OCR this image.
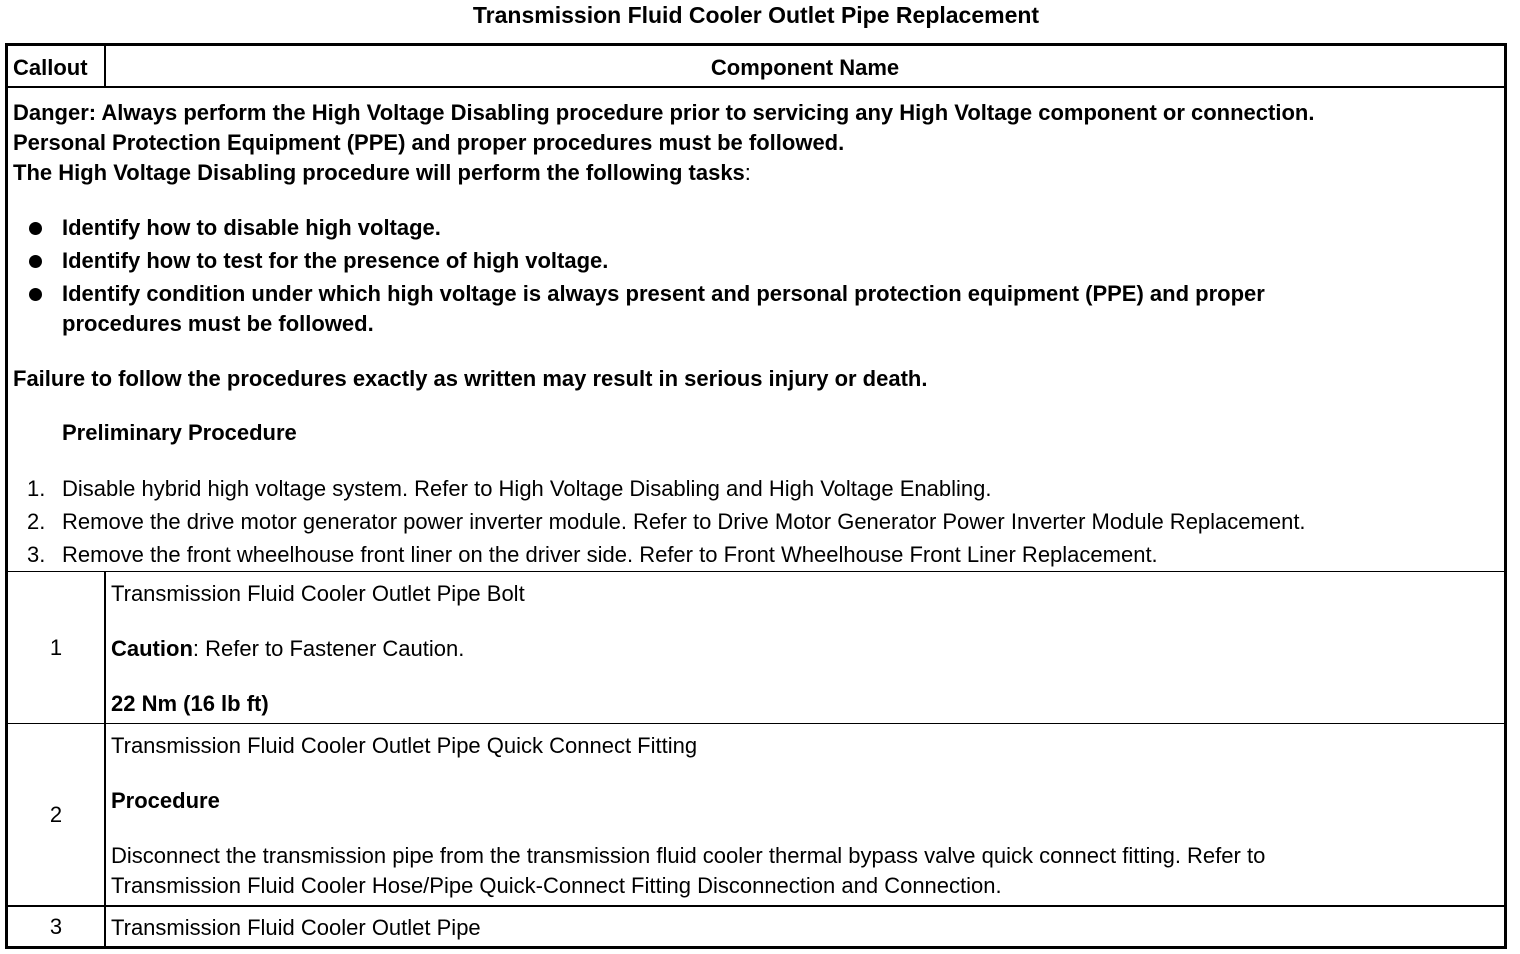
Transmission Fluid Cooler Outlet Pipe Replacement
Callout	Component Name
Danger: Always perform the High Voltage Disabling procedure prior to servicing any High Voltage component or connection.
Personal Protection Equipment (PPE) and proper procedures must be followed.
The High Voltage Disabling procedure will perform the following tasks:
Identify how to disable high voltage.
Identify how to test for the presence of high voltage.
Identify condition under which high voltage is always present and personal protection equipment (PPE) and proper
procedures must be followed.
Failure to follow the procedures exactly as written may result in serious injury or death.
Preliminary Procedure
1. Disable hybrid high voltage system. Refer to High Voltage Disabling and High Voltage Enabling.
2. Remove the drive motor generator power inverter module. Refer to Drive Motor Generator Power Inverter Module Replacement.
3. Remove the front wheelhouse front liner on the driver side. Refer to Front Wheelhouse Front Liner Replacement.
1
Transmission Fluid Cooler Outlet Pipe Bolt
Caution: Refer to Fastener Caution.
22 Nm (16 lb ft)
2
Transmission Fluid Cooler Outlet Pipe Quick Connect Fitting
Procedure
Disconnect the transmission pipe from the transmission fluid cooler thermal bypass valve quick connect fitting. Refer to
Transmission Fluid Cooler Hose/Pipe Quick-Connect Fitting Disconnection and Connection.
3	Transmission Fluid Cooler Outlet Pipe
